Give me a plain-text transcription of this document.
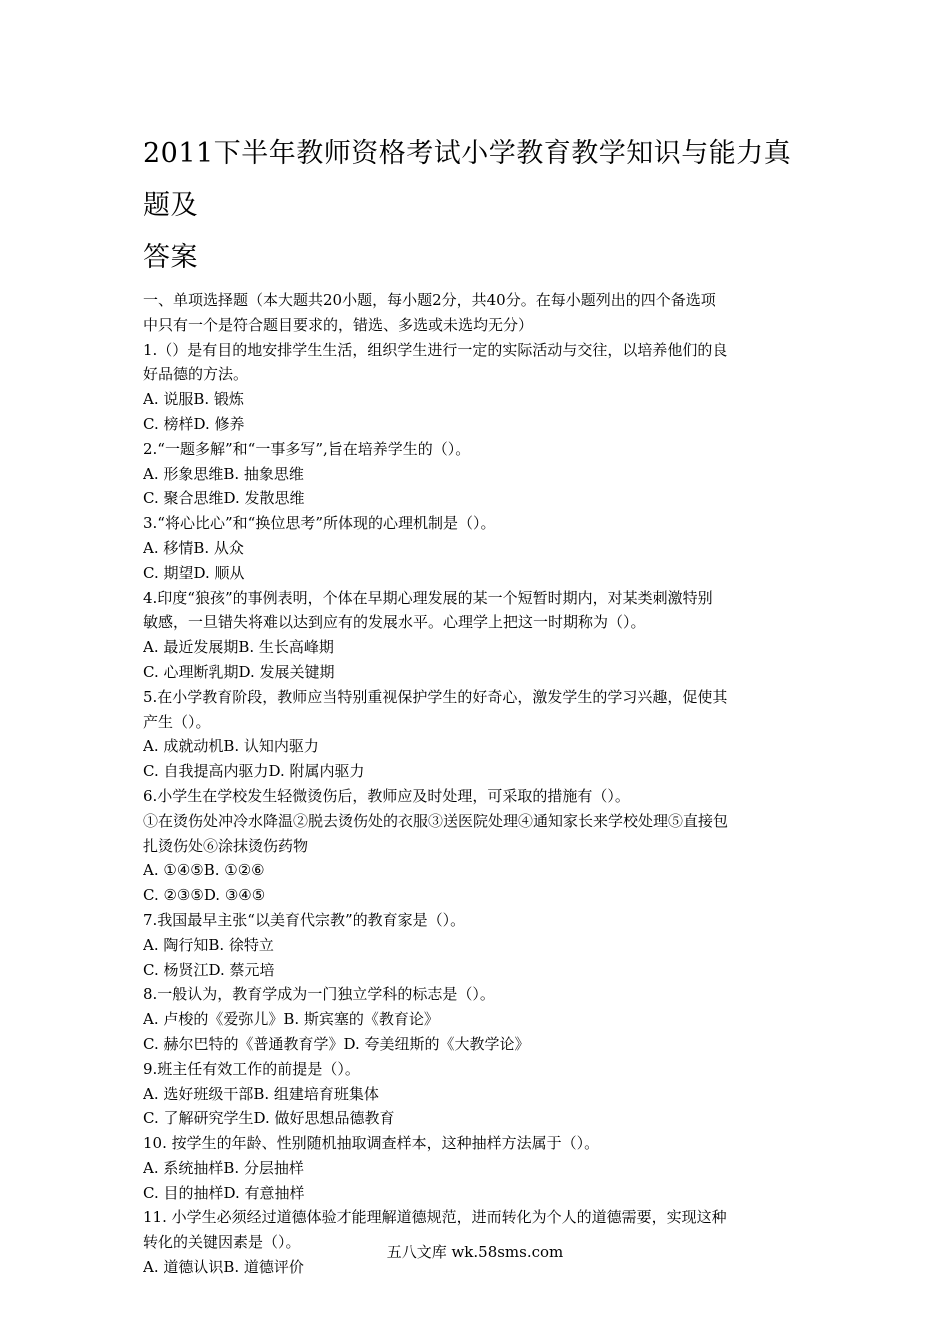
2011下半年教师资格考试小学教育教学知识与能力真题及
答案
一、单项选择题（本大题共20小题，每小题2分，共40分。在每小题列出的四个备选项
中只有一个是符合题目要求的，错选、多选或未选均无分）
1.（）是有目的地安排学生生活，组织学生进行一定的实际活动与交往，以培养他们的良
好品德的方法。
A. 说服B. 锻炼
C. 榜样D. 修养
2.“一题多解”和“一事多写”,旨在培养学生的（）。
A. 形象思维B. 抽象思维
C. 聚合思维D. 发散思维
3.“将心比心”和“换位思考”所体现的心理机制是（）。
A. 移情B. 从众
C. 期望D. 顺从
4.印度“狼孩”的事例表明，个体在早期心理发展的某一个短暂时期内，对某类刺激特别
敏感，一旦错失将难以达到应有的发展水平。心理学上把这一时期称为（）。
A. 最近发展期B. 生长高峰期
C. 心理断乳期D. 发展关键期
5.在小学教育阶段，教师应当特别重视保护学生的好奇心，激发学生的学习兴趣，促使其
产生（）。
A. 成就动机B. 认知内驱力
C. 自我提高内驱力D. 附属内驱力
6.小学生在学校发生轻微烫伤后，教师应及时处理，可采取的措施有（）。
①在烫伤处冲冷水降温②脱去烫伤处的衣服③送医院处理④通知家长来学校处理⑤直接包
扎烫伤处⑥涂抹烫伤药物
A. ①④⑤B. ①②⑥
C. ②③⑤D. ③④⑤
7.我国最早主张“以美育代宗教”的教育家是（）。
A. 陶行知B. 徐特立
C. 杨贤江D. 蔡元培
8.一般认为，教育学成为一门独立学科的标志是（）。
A. 卢梭的《爱弥儿》B. 斯宾塞的《教育论》
C. 赫尔巴特的《普通教育学》D. 夸美纽斯的《大教学论》
9.班主任有效工作的前提是（）。
A. 选好班级干部B. 组建培育班集体
C. 了解研究学生D. 做好思想品德教育
10. 按学生的年龄、性别随机抽取调查样本，这种抽样方法属于（）。
A. 系统抽样B. 分层抽样
C. 目的抽样D. 有意抽样
11. 小学生必须经过道德体验才能理解道德规范，进而转化为个人的道德需要，实现这种
转化的关键因素是（）。
A. 道德认识B. 道德评价
五八文库 wk.58sms.com
